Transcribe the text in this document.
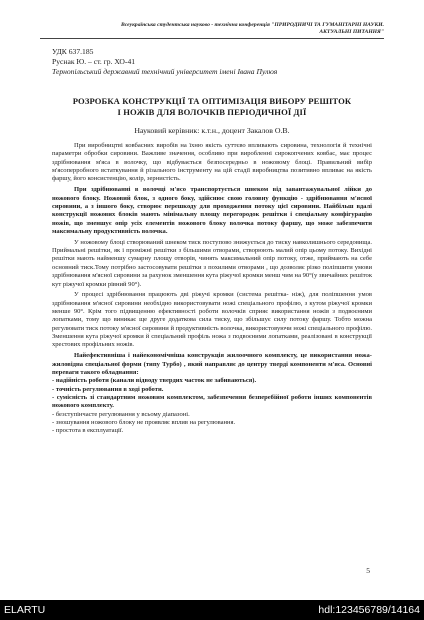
Всеукраїнська студентська науково - технічна конференція "ПРИРОДНИЧІ ТА ГУМАНІТАРНІ НАУКИ.
АКТУАЛЬНІ ПИТАННЯ"
УДК 637.185
Руснак Ю. – ст. гр. ХО-41
Тернопільський державний технічний університет імені Івана Пулюя
РОЗРОБКА КОНСТРУКЦІЇ ТА ОПТИМІЗАЦІЯ ВИБОРУ РЕШІТОК
І НОЖІВ ДЛЯ ВОЛОЧКІВ ПЕРІОДИЧНОЇ ДІЇ
Науковий керівник: к.т.н., доцент Закалов О.В.

При виробництві ковбасних виробів на їхню якість суттєво впливають сировина, технологія й технічні параметри обробки сировини. Важливе значення, особливо при виробленні сирокопчених ковбас, має процес здрібнювання м'яса в волочку, що відбувається безпосередньо в ножовому блоці. Правильний вибір м'ясоперробного встаткування й різального інструменту на цій стадії виробництва позитивно впливає на якість фаршу, його консистенцію, колір, зернистість.

При здрібнюванні в волочці м'ясо транспортується шнеком від завантажувальної лійки до ножового блоку. Ножовий блок, з одного боку, здійснює свою головну функцію - здрібнювання м'ясної сировини, а з іншого боку, створює перешкоду для проходження потоку цієї сировини. Найбільш вдалі конструкції ножових блоків мають мінімальну площу перегородок решітки і спеціальну конфігурацію ножів, що зменшує опір усіх елементів ножового блоку волочка потоку фаршу, що може забезпечити максимальну продуктивність волочка.

У ножовому блоці створюваний шнеком тиск поступово знижується до тиску навколишнього середовища. Приймальні решітки, як і проміжні решітки з більшими отворами, створюють малий опір цьому потоку. Вихідні решітки мають найменшу сумарну площу отворів, чинять максимальний опір потоку, отже, приймають на себе основний тиск.Тому потрібно застосовувати решітки з похилими отворами , що дозволяє різко поліпшити умови здрібнювання м'ясної сировини за рахунок зменшення кута ріжучої кромки менш чим на 90°(у звичайних решіток кут ріжучої кромки рівний 90°).

У процесі здрібнювання працюють дві ріжучі кромки (система решітка- ніж), для поліпшення умов здрібнювання м'ясної сировини необхідно використовувати ножі спеціального профілю, з кутом ріжучої кромки менше 90°. Крім того підвищенню ефективності роботи волочків сприяє використання ножів з подвоєними лопатками, тому що виникає ще друге додаткова сила тиску, що збільшує силу потоку фаршу. Тобто можна регулювати тиск потоку м'ясної сировини й продуктивність волочка, використовуючи ножі спеціального профілю. Зменшення кута ріжучої кромки й спеціальний профіль ножа з подвоєними лопатками, реалізовані в конструкції хрестових профільних ножів.

Найефективніша і найекономічніша конструкція жилоочного комплекту, це використання ножа- жиловідна спеціальної форми (типу Турбо) , який направляє до центру тверді компоненти м'яса. Основні переваги такого обладнання:

- надійність роботи (канали відводу твердих часток не забиваються).

- точність регулювання в ході роботи.

- сумісність зі стандартним ножовим комплектом, забезпечення безперебійної роботи інших компонентів ножового комплекту.

- безступінчасте регулювання у всьому діапазоні.

- зношування ножового блоку не проявляє вплив на регулювання.

- простота в експлуатації.

5
ELARTU	hdl:123456789/14164
